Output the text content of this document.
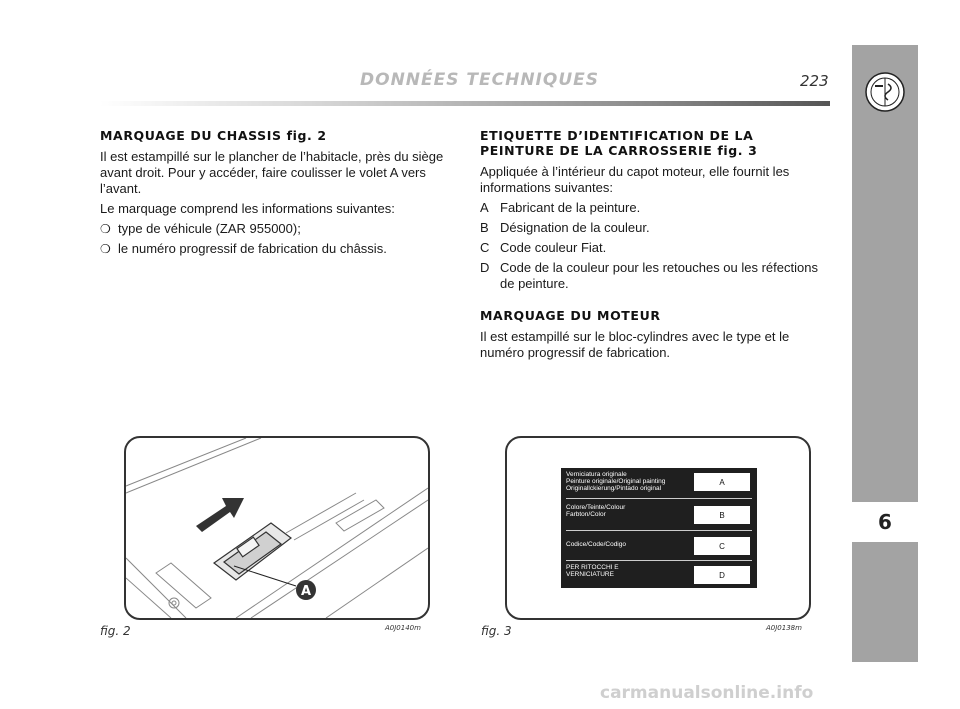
DONNÉES TECHNIQUES	223
6
MARQUAGE DU CHASSIS fig. 2

Il est estampillé sur le plancher de l’habitacle, près du siège avant droit. Pour y accéder, faire coulisser le volet A vers l’avant.

Le marquage comprend les informations suivantes:

❍ type de véhicule (ZAR 955000);
❍ le numéro progressif de fabrication du châssis.
ETIQUETTE D’IDENTIFICATION DE LA PEINTURE DE LA CARROSSERIE fig. 3

Appliquée à l’intérieur du capot moteur, elle fournit les informations suivantes:

A Fabricant de la peinture.
B Désignation de la couleur.
C Code couleur Fiat.
D Code de la couleur pour les retouches ou les réfections de peinture.
MARQUAGE DU MOTEUR

Il est estampillé sur le bloc-cylindres avec le type et le numéro progressif de fabrication.

A
fig. 2	A0J0140m
Verniciatura originale
Peinture originale/Original painting
Originallckierung/Pintado original
A
Colore/Teinte/Colour
Farbton/Color	B
Codice/Code/Codigo	C
PER RITOCCHI E
VERNICIATURE	D
fig. 3	A0J0138m
carmanualsonline.info
